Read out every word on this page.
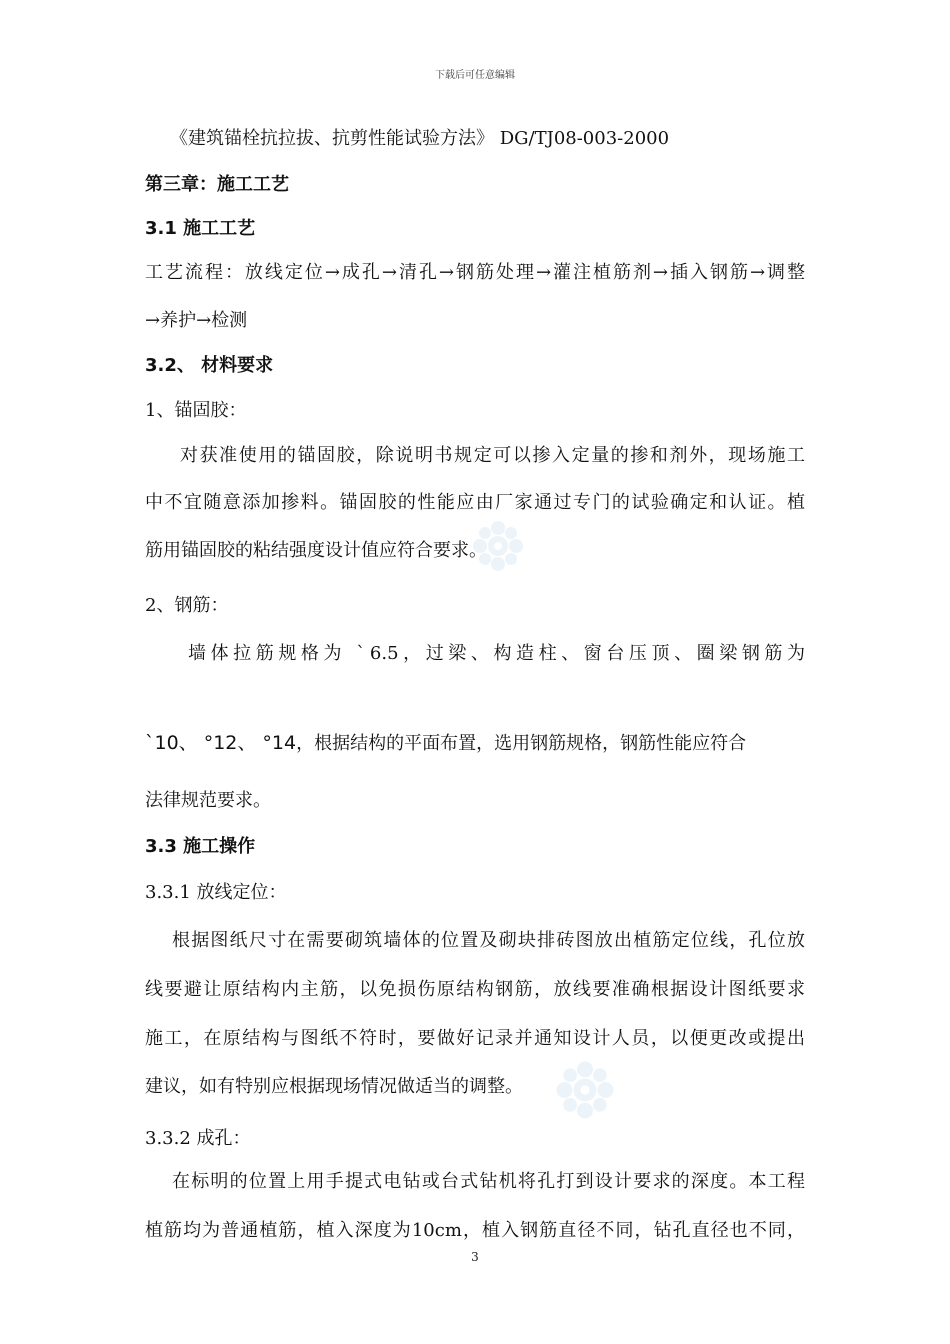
下载后可任意编辑
《建筑锚栓抗拉拔、抗剪性能试验方法》 DG/TJ08-003-2000
第三章：施工工艺
3.1 施工工艺
工艺流程：放线定位→成孔→清孔→钢筋处理→灌注植筋剂→插入钢筋→调整
→养护→检测
3.2、 材料要求
1、锚固胶：
对获准使用的锚固胶，除说明书规定可以掺入定量的掺和剂外，现场施工
中不宜随意添加掺料。锚固胶的性能应由厂家通过专门的试验确定和认证。植
筋用锚固胶的粘结强度设计值应符合要求。
2、钢筋：
墙体拉筋规格为 ˋ6.5，过梁、构造柱、窗台压顶、圈梁钢筋为
ˋ10、 °12、 °14，根据结构的平面布置，选用钢筋规格，钢筋性能应符合
法律规范要求。
3.3 施工操作
3.3.1 放线定位：
根据图纸尺寸在需要砌筑墙体的位置及砌块排砖图放出植筋定位线，孔位放
线要避让原结构内主筋，以免损伤原结构钢筋，放线要准确根据设计图纸要求
施工，在原结构与图纸不符时，要做好记录并通知设计人员，以便更改或提出
建议，如有特别应根据现场情况做适当的调整。
3.3.2 成孔：
在标明的位置上用手提式电钻或台式钻机将孔打到设计要求的深度。本工程
植筋均为普通植筋，植入深度为10cm，植入钢筋直径不同，钻孔直径也不同，
3
